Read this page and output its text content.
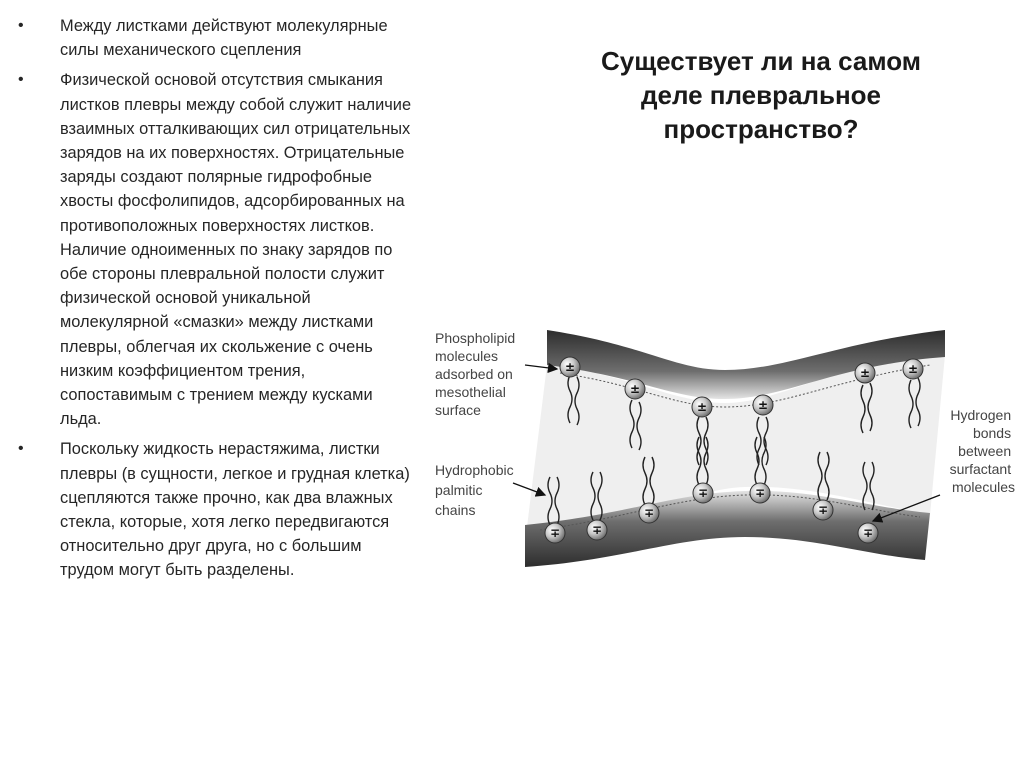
• Между листками действуют молекулярные силы механического сцепления
• Физической основой отсутствия смыкания листков плевры между собой служит наличие взаимных отталкивающих сил отрицательных зарядов на их поверхностях. Отрицательные заряды создают полярные гидрофобные хвосты фосфолипидов, адсорбированных на противоположных поверхностях листков. Наличие одноименных по знаку зарядов по обе стороны плевральной полости служит физической основой уникальной молекулярной «смазки» между листками плевры, облегчая их скольжение с очень низким коэффициентом трения, сопоставимым с трением между кусками льда.
• Поскольку жидкость нерастяжима, листки плевры (в сущности, легкое и грудная клетка) сцепляются также прочно, как два влажных стекла, которые, хотя легко передвигаются относительно друг друга, но с большим трудом могут быть разделены.
Существует ли на самом деле плевральное пространство?
±
±
±	±
±	±
∓	∓
∓
∓	∓
∓
∓
Phospholipid molecules adsorbed on mesothelial surface
Hydrophobic palmitic chains
Hydrogen bonds between surfactant molecules
